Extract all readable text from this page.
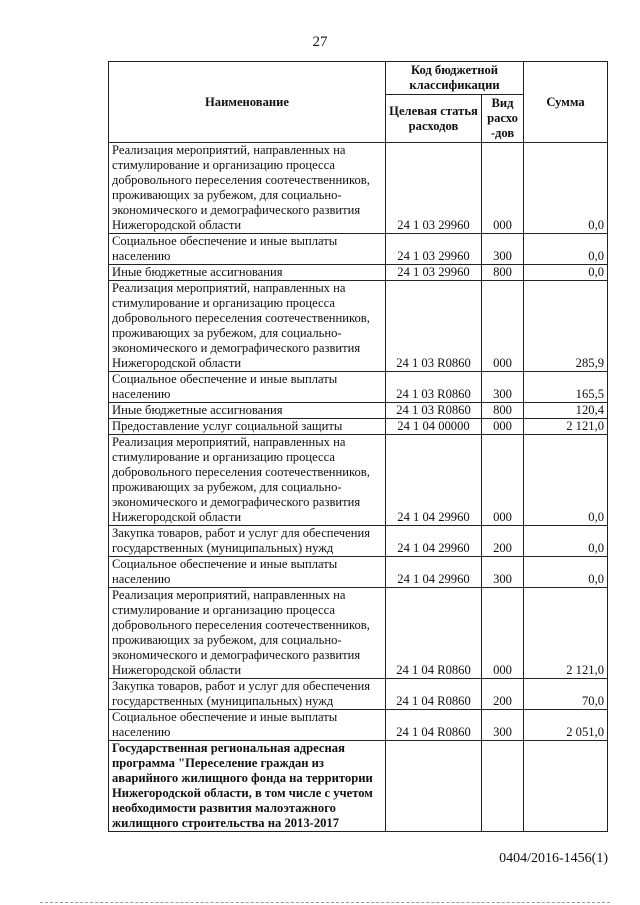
27
Наименование	Код бюджетной классификации		Сумма
	Целевая статья расходов	Вид расхо -дов	
Реализация мероприятий, направленных на стимулирование и организацию процесса добровольного переселения соотечественников, проживающих за рубежом, для социально-экономического и демографического развития Нижегородской области	24 1 03 29960	000	0,0
Социальное обеспечение и иные выплаты населению	24 1 03 29960	300	0,0
Иные бюджетные ассигнования	24 1 03 29960	800	0,0
Реализация мероприятий, направленных на стимулирование и организацию процесса добровольного переселения соотечественников, проживающих за рубежом, для социально-экономического и демографического развития Нижегородской области	24 1 03 R0860	000	285,9
Социальное обеспечение и иные выплаты населению	24 1 03 R0860	300	165,5
Иные бюджетные ассигнования	24 1 03 R0860	800	120,4
Предоставление услуг социальной защиты	24 1 04 00000	000	2 121,0
Реализация мероприятий, направленных на стимулирование и организацию процесса добровольного переселения соотечественников, проживающих за рубежом, для социально-экономического и демографического развития Нижегородской области	24 1 04 29960	000	0,0
Закупка товаров, работ и услуг для обеспечения государственных (муниципальных) нужд	24 1 04 29960	200	0,0
Социальное обеспечение и иные выплаты населению	24 1 04 29960	300	0,0
Реализация мероприятий, направленных на стимулирование и организацию процесса добровольного переселения соотечественников, проживающих за рубежом, для социально-экономического и демографического развития Нижегородской области	24 1 04 R0860	000	2 121,0
Закупка товаров, работ и услуг для обеспечения государственных (муниципальных) нужд	24 1 04 R0860	200	70,0
Социальное обеспечение и иные выплаты населению	24 1 04 R0860	300	2 051,0
Государственная региональная адресная программа "Переселение граждан из аварийного жилищного фонда на территории Нижегородской области, в том числе с учетом необходимости развития малоэтажного жилищного строительства на 2013-2017			
0404/2016-1456(1)
